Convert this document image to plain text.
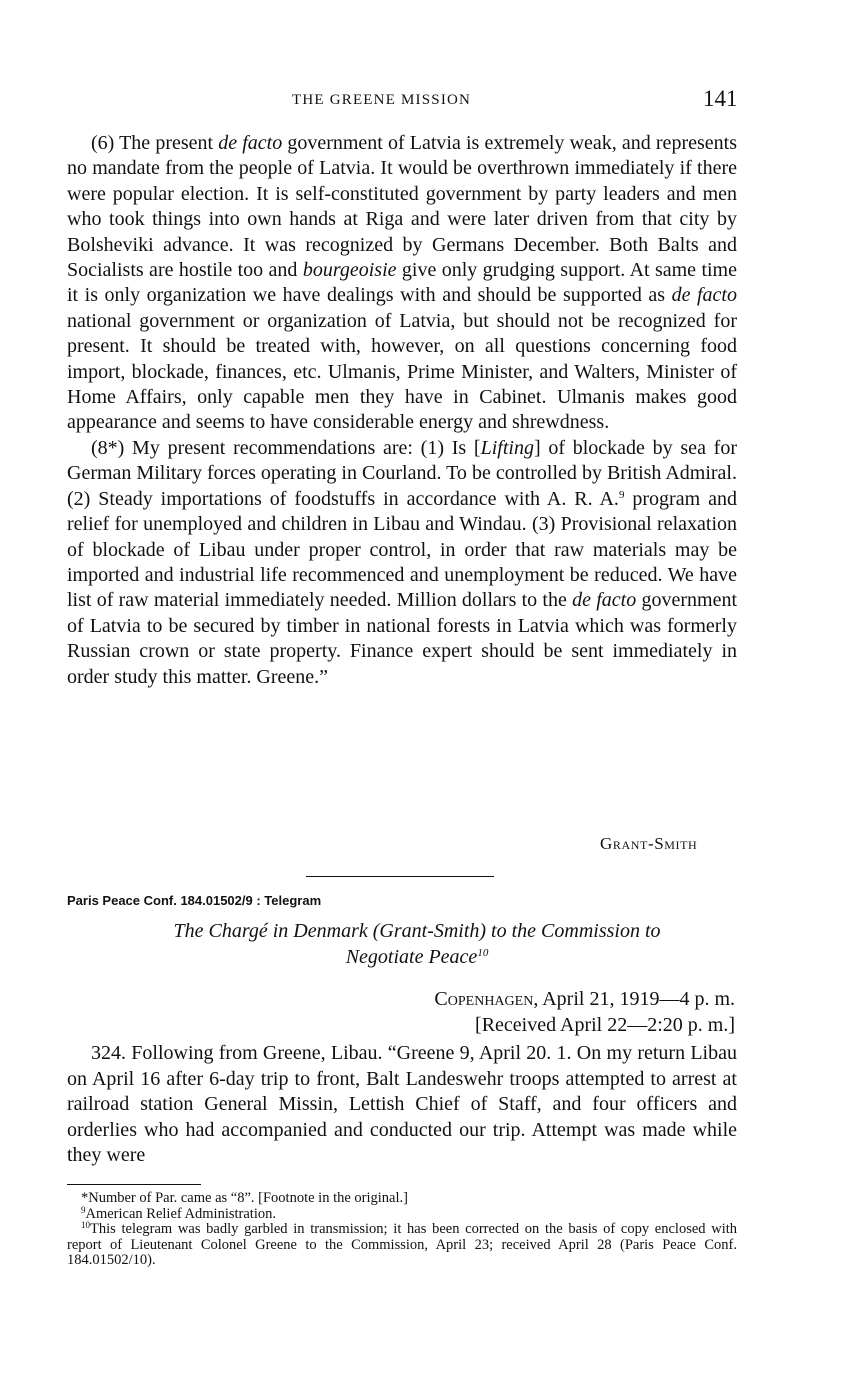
THE GREENE MISSION	141

(6) The present de facto government of Latvia is extremely weak, and represents no mandate from the people of Latvia. It would be overthrown immediately if there were popular election. It is self-constituted government by party leaders and men who took things into own hands at Riga and were later driven from that city by Bolsheviki advance. It was recognized by Germans December. Both Balts and Socialists are hostile too and bourgeoisie give only grudging support. At same time it is only organization we have dealings with and should be supported as de facto national government or organization of Latvia, but should not be recognized for present. It should be treated with, however, on all questions concerning food import, blockade, finances, etc. Ulmanis, Prime Minister, and Walters, Minister of Home Affairs, only capable men they have in Cabinet. Ulmanis makes good appearance and seems to have considerable energy and shrewdness.

(8*) My present recommendations are: (1) Is [Lifting] of blockade by sea for German Military forces operating in Courland. To be controlled by British Admiral. (2) Steady importations of foodstuffs in accordance with A. R. A.$^9$ program and relief for unemployed and children in Libau and Windau. (3) Provisional relaxation of blockade of Libau under proper control, in order that raw materials may be imported and industrial life recommenced and unemployment be reduced. We have list of raw material immediately needed. Million dollars to the de facto government of Latvia to be secured by timber in national forests in Latvia which was formerly Russian crown or state property. Finance expert should be sent immediately in order study this matter. Greene.”

Grant-Smith
Paris Peace Conf. 184.01502/9 : Telegram
The Chargé in Denmark (Grant-Smith) to the Commission to
Negotiate Peace$^{10}$
Copenhagen, April 21, 1919—4 p. m.
[Received April 22—2:20 p. m.]

324. Following from Greene, Libau. “Greene 9, April 20. 1. On my return Libau on April 16 after 6-day trip to front, Balt Landeswehr troops attempted to arrest at railroad station General Missin, Lettish Chief of Staff, and four officers and orderlies who had accompanied and conducted our trip. Attempt was made while they were

*Number of Par. came as “8”. [Footnote in the original.]

$^9$American Relief Administration.

$^{10}$This telegram was badly garbled in transmission; it has been corrected on the basis of copy enclosed with report of Lieutenant Colonel Greene to the Commission, April 23; received April 28 (Paris Peace Conf. 184.01502/10).
